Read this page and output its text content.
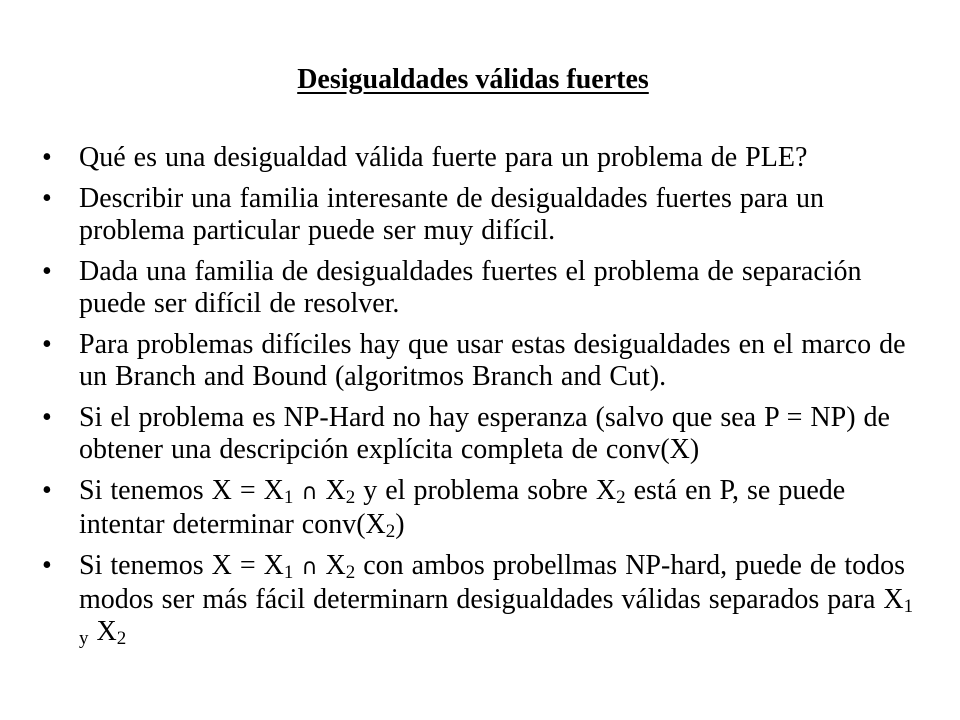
Desigualdades válidas fuertes
• Qué es una desigualdad válida fuerte para un problema de PLE?
• Describir una familia interesante de desigualdades fuertes para un problema particular puede ser muy difícil.
• Dada una familia de desigualdades fuertes el problema de separación puede ser difícil de resolver.
• Para problemas difíciles hay que usar estas desigualdades en el marco de un Branch and Bound (algoritmos Branch and Cut).
• Si el problema es NP-Hard no hay esperanza (salvo que sea P = NP) de obtener una descripción explícita completa de conv(X)
• Si tenemos $X = X_1$ ∩ $X_2$ y el problema sobre $X_2$ está en P, se puede intentar determinar $conv(X_2)$
• Si tenemos $X = X_1$ ∩ $X_2$ con ambos probellmas NP-hard, puede de todos modos ser más fácil determinarn desigualdades válidas separados para $X_{1 y}$ $X_2$
